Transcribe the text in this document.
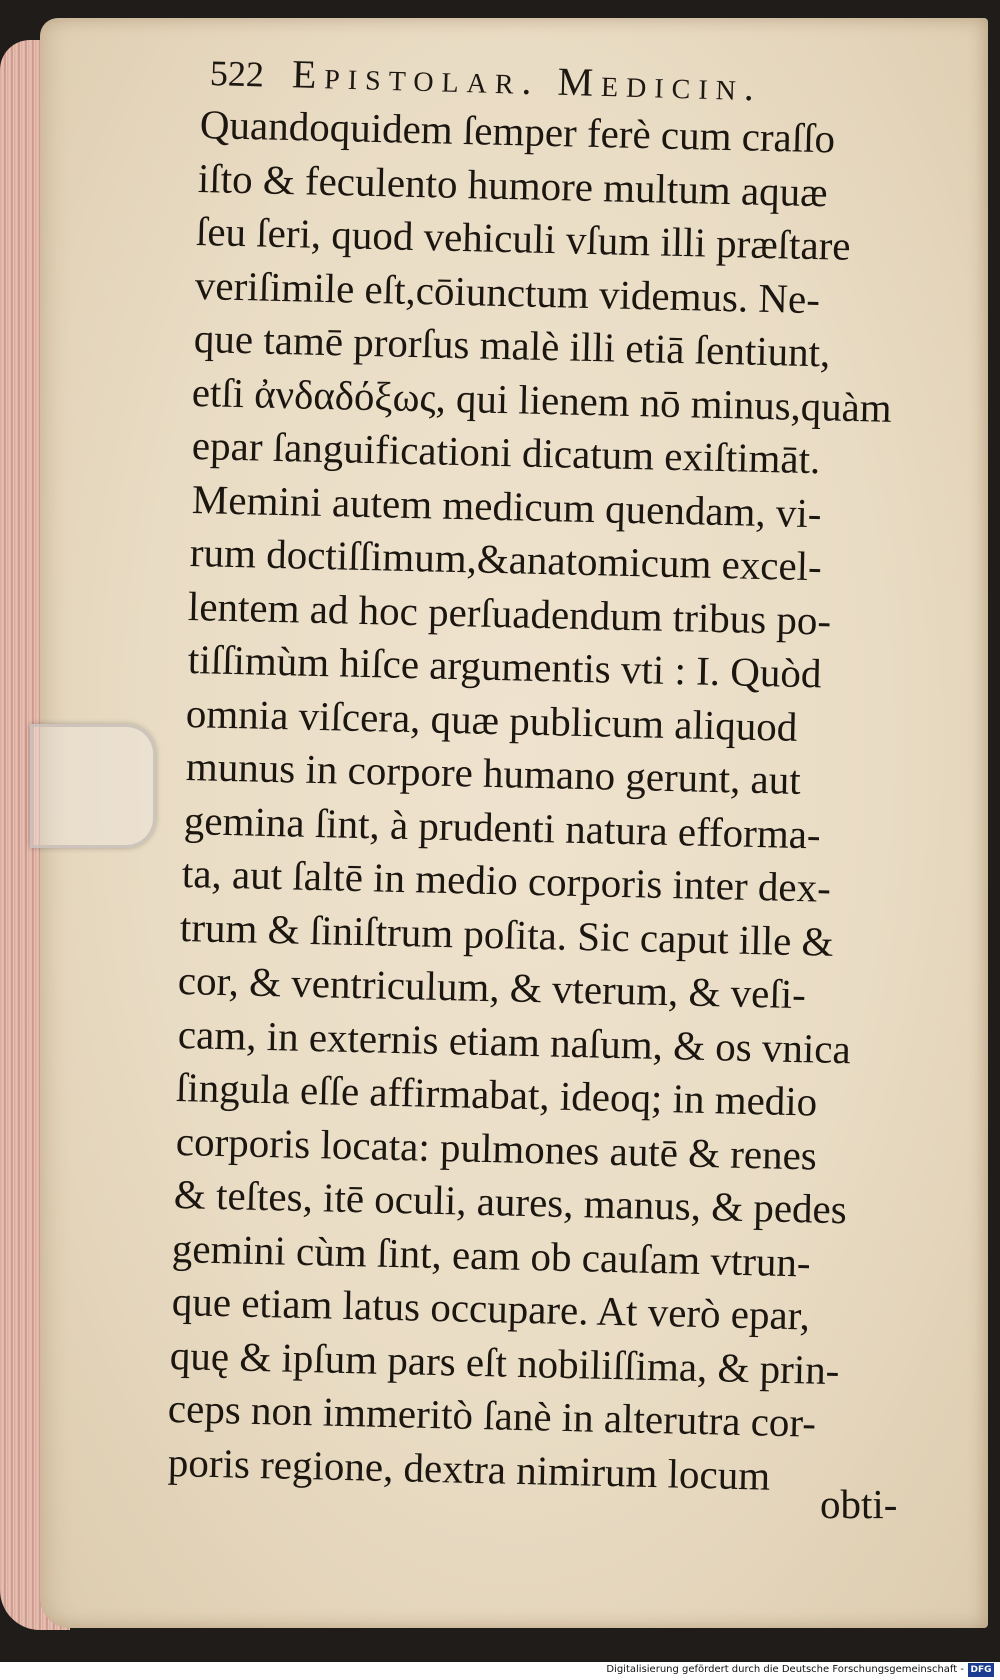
522 Epistolar. Medicin.
Quandoquidem ſemper ferè cum craſſo
iſto & feculento humore multum aquæ
ſeu ſeri, quod vehiculi vſum illi præſtare
veriſimile eſt,cōiunctum videmus. Ne-
que tamē prorſus malè illi etiā ſentiunt,
etſi ἀνδαδόξως, qui lienem nō minus,quàm
epar ſanguificationi dicatum exiſtimāt.
Memini autem medicum quendam, vi-
rum doctiſſimum,&anatomicum excel-
lentem ad hoc perſuadendum tribus po-
tiſſimùm hiſce argumentis vti : I. Quòd
omnia viſcera, quæ publicum aliquod
munus in corpore humano gerunt, aut
gemina ſint, à prudenti natura efforma-
ta, aut ſaltē in medio corporis inter dex-
trum & ſiniſtrum poſita. Sic caput ille &
cor, & ventriculum, & vterum, & veſi-
cam, in externis etiam naſum, & os vnica
ſingula eſſe affirmabat, ideoq; in medio
corporis locata: pulmones autē & renes
& teſtes, itē oculi, aures, manus, & pedes
gemini cùm ſint, eam ob cauſam vtrun-
que etiam latus occupare. At verò epar,
quę & ipſum pars eſt nobiliſſima, & prin-
ceps non immeritò ſanè in alterutra cor-
poris regione, dextra nimirum locum
obti-
Digitalisierung gefördert durch die Deutsche Forschungsgemeinschaft - DFG
